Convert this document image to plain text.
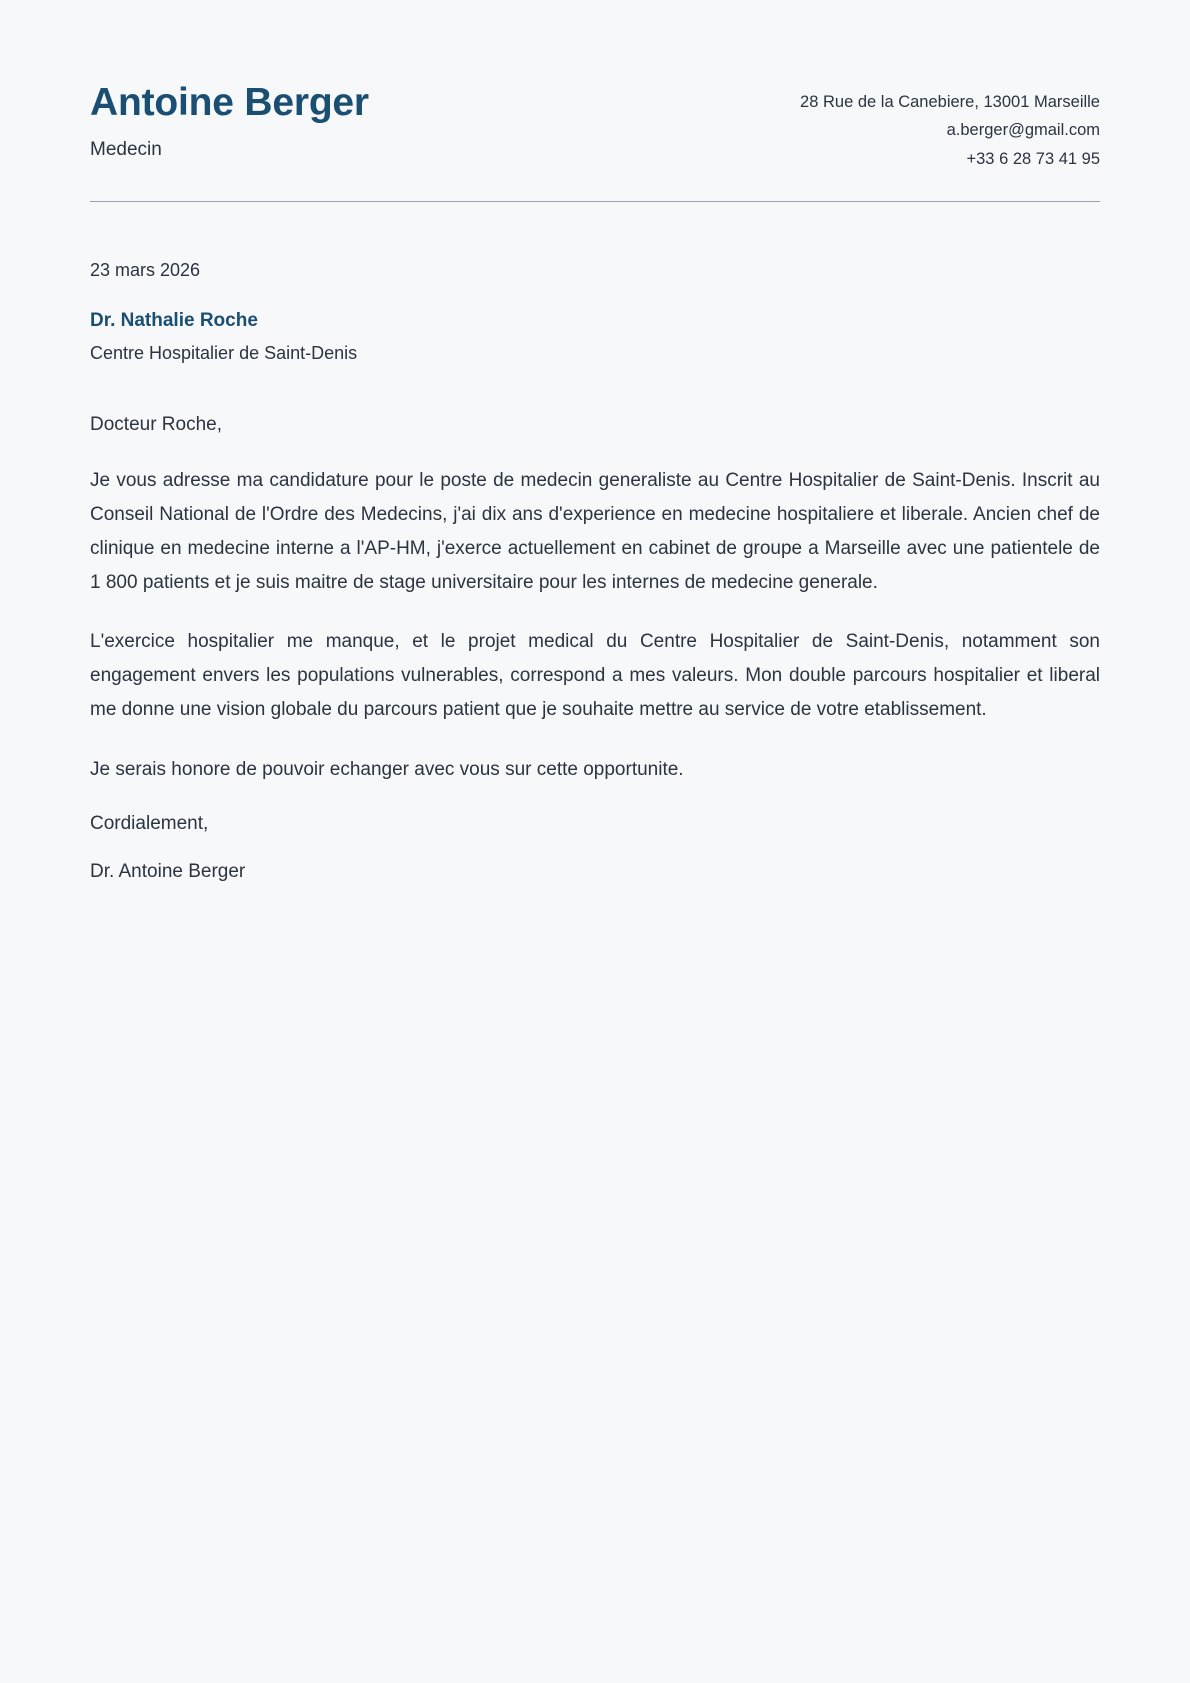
Antoine Berger
Medecin
28 Rue de la Canebiere, 13001 Marseille
a.berger@gmail.com
+33 6 28 73 41 95
23 mars 2026
Dr. Nathalie Roche
Centre Hospitalier de Saint-Denis
Docteur Roche,

Je vous adresse ma candidature pour le poste de medecin generaliste au Centre Hospitalier de Saint-Denis. Inscrit au Conseil National de l'Ordre des Medecins, j'ai dix ans d'experience en medecine hospitaliere et liberale. Ancien chef de clinique en medecine interne a l'AP-HM, j'exerce actuellement en cabinet de groupe a Marseille avec une patientele de 1 800 patients et je suis maitre de stage universitaire pour les internes de medecine generale.

L'exercice hospitalier me manque, et le projet medical du Centre Hospitalier de Saint-Denis, notamment son engagement envers les populations vulnerables, correspond a mes valeurs. Mon double parcours hospitalier et liberal me donne une vision globale du parcours patient que je souhaite mettre au service de votre etablissement.

Je serais honore de pouvoir echanger avec vous sur cette opportunite.

Cordialement,

Dr. Antoine Berger
